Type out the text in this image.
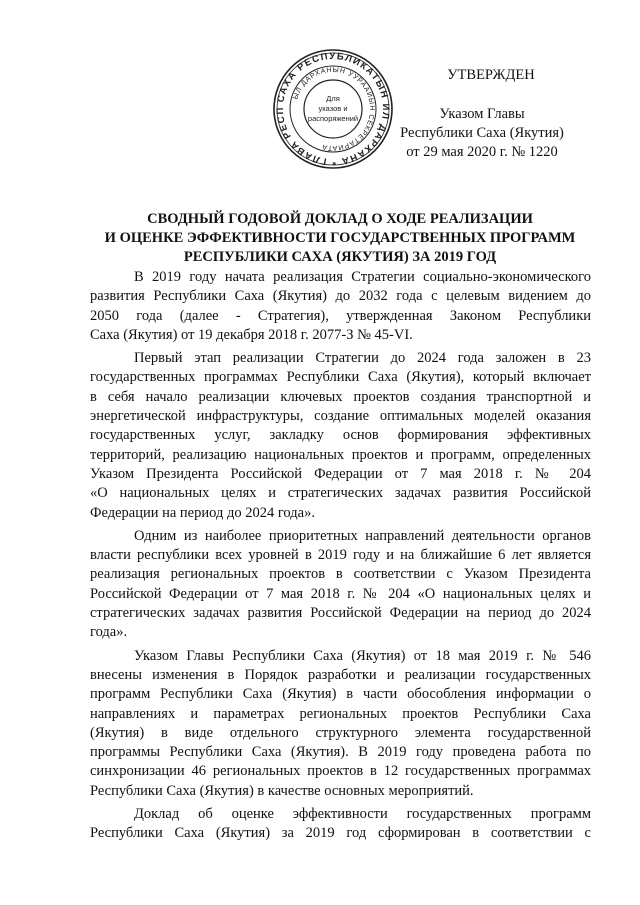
САХА РЕСПУБЛИКАТЫН ИЛ ДАРХАНА * ГЛАВА РЕСП
ЫЛ ДАРХАНЫН УУРААЙЫН СЕКРЕТАРИАТА
Для
указов и
распоряжений
УТВЕРЖДЕН
Указом Главы
Республики Саха (Якутия)
от 29 мая 2020 г. № 1220
СВОДНЫЙ ГОДОВОЙ ДОКЛАД О ХОДЕ РЕАЛИЗАЦИИ
И ОЦЕНКЕ ЭФФЕКТИВНОСТИ ГОСУДАРСТВЕННЫХ ПРОГРАММ
РЕСПУБЛИКИ САХА (ЯКУТИЯ) ЗА 2019 ГОД
В 2019 году начата реализация Стратегии социально-экономического
развития Республики Саха (Якутия) до 2032 года с целевым видением до
2050 года (далее - Стратегия), утвержденная Законом Республики
Саха (Якутия) от 19 декабря 2018 г. 2077-З № 45-VI.
Первый этап реализации Стратегии до 2024 года заложен в 23
государственных программах Республики Саха (Якутия), который включает
в себя начало реализации ключевых проектов создания транспортной и
энергетической инфраструктуры, создание оптимальных моделей оказания
государственных услуг, закладку основ формирования эффективных
территорий, реализацию национальных проектов и программ, определенных
Указом Президента Российской Федерации от 7 мая 2018 г. № 204
«О национальных целях и стратегических задачах развития Российской
Федерации на период до 2024 года».
Одним из наиболее приоритетных направлений деятельности органов
власти республики всех уровней в 2019 году и на ближайшие 6 лет является
реализация региональных проектов в соответствии с Указом Президента
Российской Федерации от 7 мая 2018 г. № 204 «О национальных целях и
стратегических задачах развития Российской Федерации на период до 2024
года».
Указом Главы Республики Саха (Якутия) от 18 мая 2019 г. № 546
внесены изменения в Порядок разработки и реализации государственных
программ Республики Саха (Якутия) в части обособления информации о
направлениях и параметрах региональных проектов Республики Саха
(Якутия) в виде отдельного структурного элемента государственной
программы Республики Саха (Якутия). В 2019 году проведена работа по
синхронизации 46 региональных проектов в 12 государственных программах
Республики Саха (Якутия) в качестве основных мероприятий.
Доклад об оценке эффективности государственных программ
Республики Саха (Якутия) за 2019 год сформирован в соответствии с
